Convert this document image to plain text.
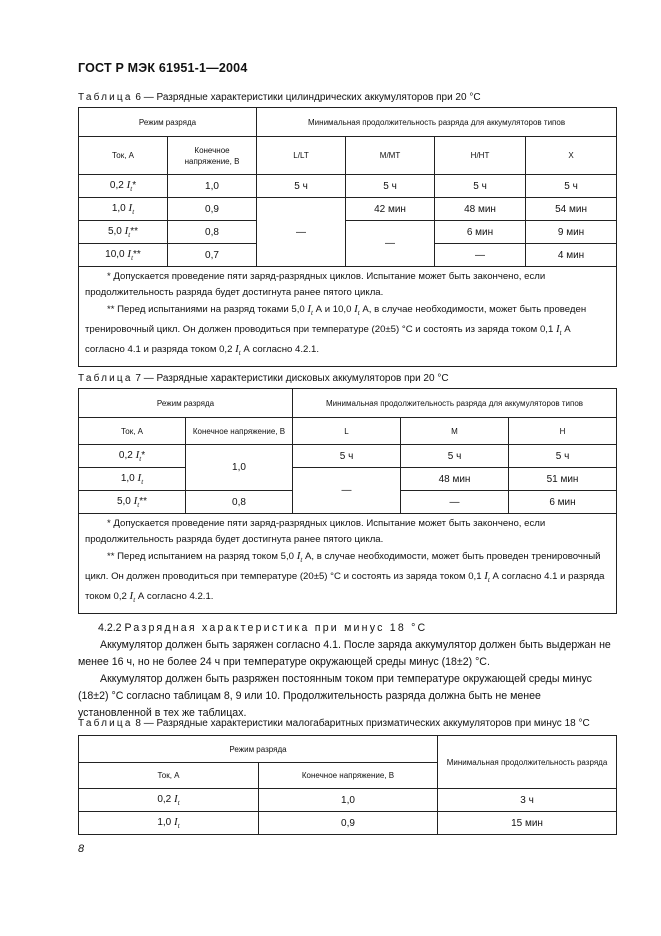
ГОСТ Р МЭК 61951-1—2004
Таблица 6 — Разрядные характеристики цилиндрических аккумуляторов при 20 °C
Режим разряда		Минимальная продолжительность разряда для аккумуляторов типов			
Ток, А	Конечное напряжение, В	L/LT	M/MT	H/HT	X
0,2 $I_t*$	1,0	5 ч	5 ч	5 ч	5 ч
1,0 $I_t$	0,9	—	42 мин	48 мин	54 мин
5,0 $I_t**$	0,8		—	6 мин	9 мин
10,0 $I_t**$	0,7			—	4 мин

* Допускается проведение пяти заряд-разрядных циклов. Испытание может быть закончено, если продолжительность разряда будет достигнута ранее пятого цикла.

** Перед испытаниями на разряд токами 5,0 $I_t$ А и 10,0 $I_t$ А, в случае необходимости, может быть проведен тренировочный цикл. Он должен проводиться при температуре (20±5) °C и состоять из заряда током 0,1 $I_t$ А согласно 4.1 и разряда током 0,2 $I_t$ А согласно 4.2.1.					

Таблица 7 — Разрядные характеристики дисковых аккумуляторов при 20 °C
Режим разряда		Минимальная продолжительность разряда для аккумуляторов типов		
Ток, А	Конечное напряжение, В	L	M	H
0,2 $I_t*$	1,0	5 ч	5 ч	5 ч
1,0 $I_t$		—	48 мин	51 мин
5,0 $I_t**$	0,8		—	6 мин

* Допускается проведение пяти заряд-разрядных циклов. Испытание может быть закончено, если продолжительность разряда будет достигнута ранее пятого цикла.

** Перед испытанием на разряд током 5,0 $I_t$ А, в случае необходимости, может быть проведен тренировочный цикл. Он должен проводиться при температуре (20±5) °C и состоять из заряда током 0,1 $I_t$ А согласно 4.1 и разряда током 0,2 $I_t$ А согласно 4.2.1.				

4.2.2 Разрядная характеристика при минус 18 °C

Аккумулятор должен быть заряжен согласно 4.1. После заряда аккумулятор должен быть выдержан не менее 16 ч, но не более 24 ч при температуре окружающей среды минус (18±2) °C.

Аккумулятор должен быть разряжен постоянным током при температуре окружающей среды минус (18±2) °C согласно таблицам 8, 9 или 10. Продолжительность разряда должна быть не менее установленной в тех же таблицах.

Таблица 8 — Разрядные характеристики малогабаритных призматических аккумуляторов при минус 18 °C
Режим разряда		Минимальная продолжительность разряда
Ток, А	Конечное напряжение, В	
0,2 $I_t$	1,0	3 ч
1,0 $I_t$	0,9	15 мин
8
